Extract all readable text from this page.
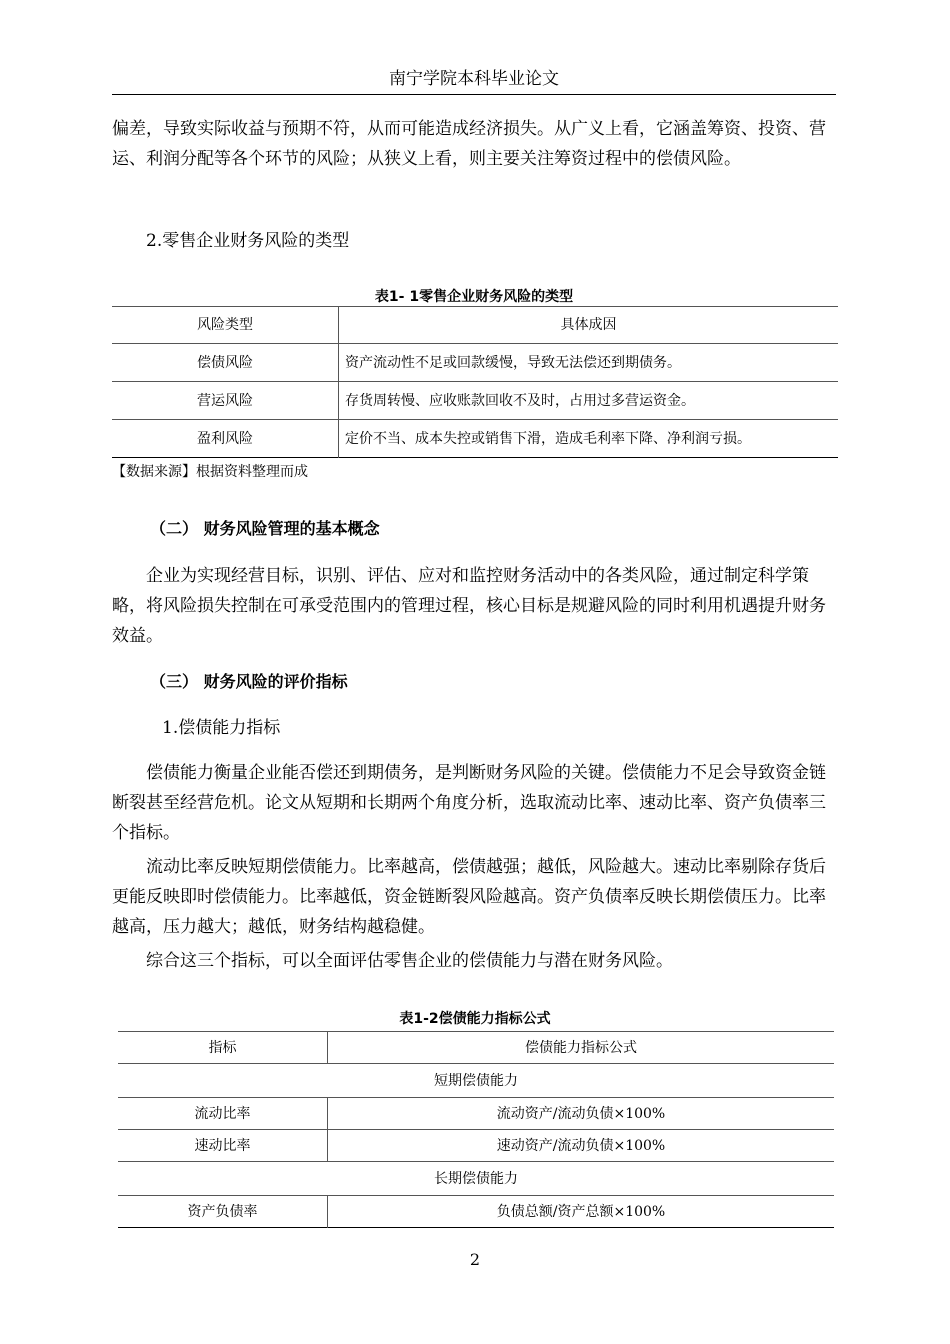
南宁学院本科毕业论文

偏差，导致实际收益与预期不符，从而可能造成经济损失。从广义上看，它涵盖筹资、投资、营运、利润分配等各个环节的风险；从狭义上看，则主要关注筹资过程中的偿债风险。

2.零售企业财务风险的类型
表1- 1零售企业财务风险的类型
风险类型	具体成因
偿债风险	资产流动性不足或回款缓慢，导致无法偿还到期债务。
营运风险	存货周转慢、应收账款回收不及时，占用过多营运资金。
盈利风险	定价不当、成本失控或销售下滑，造成毛利率下降、净利润亏损。
【数据来源】根据资料整理而成
（二） 财务风险管理的基本概念

企业为实现经营目标，识别、评估、应对和监控财务活动中的各类风险，通过制定科学策略，将风险损失控制在可承受范围内的管理过程，核心目标是规避风险的同时利用机遇提升财务效益。

（三） 财务风险的评价指标
1.偿债能力指标

偿债能力衡量企业能否偿还到期债务，是判断财务风险的关键。偿债能力不足会导致资金链断裂甚至经营危机。论文从短期和长期两个角度分析，选取流动比率、速动比率、资产负债率三个指标。

流动比率反映短期偿债能力。比率越高，偿债越强；越低，风险越大。速动比率剔除存货后更能反映即时偿债能力。比率越低，资金链断裂风险越高。资产负债率反映长期偿债压力。比率越高，压力越大；越低，财务结构越稳健。

综合这三个指标，可以全面评估零售企业的偿债能力与潜在财务风险。

表1-2偿债能力指标公式
指标	偿债能力指标公式
短期偿债能力	
流动比率	流动资产/流动负债×100%
速动比率	速动资产/流动负债×100%
长期偿债能力	
资产负债率	负债总额/资产总额×100%
2
